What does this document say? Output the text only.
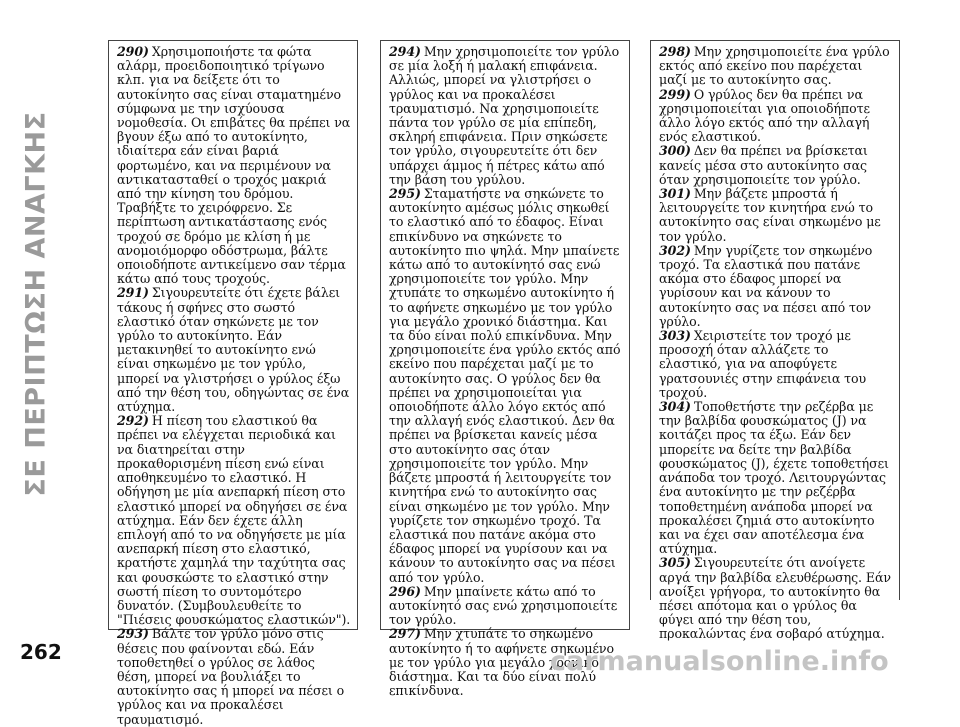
ΣΕ ΠΕΡΙΠΤΩΣΗ ΑΝΑΓΚΗΣ

290) Χρησιμοποιήστε τα φώτα αλάρμ, προειδοποιητικό τρίγωνο κλπ. για να δείξετε ότι το αυτοκίνητο σας είναι σταματημένο σύμφωνα με την ισχύουσα νομοθεσία. Οι επιβάτες θα πρέπει να βγουν έξω από το αυτοκίνητο, ιδιαίτερα εάν είναι βαριά φορτωμένο, και να περιμένουν να αντικατασταθεί ο τροχός μακριά από την κίνηση του δρόμου. Τραβήξτε το χειρόφρενο. Σε περίπτωση αντικατάστασης ενός τροχού σε δρόμο με κλίση ή με ανομοιόμορφο οδόστρωμα, βάλτε οποιοδήποτε αντικείμενο σαν τέρμα κάτω από τους τροχούς.

291) Σιγουρευτείτε ότι έχετε βάλει τάκους ή σφήνες στο σωστό ελαστικό όταν σηκώνετε με τον γρύλο το αυτοκίνητο. Εάν μετακινηθεί το αυτοκίνητο ενώ είναι σηκωμένο με τον γρύλο, μπορεί να γλιστρήσει ο γρύλος έξω από την θέση του, οδηγώντας σε ένα ατύχημα.

292) Η πίεση του ελαστικού θα πρέπει να ελέγχεται περιοδικά και να διατηρείται στην προκαθορισμένη πίεση ενώ είναι αποθηκευμένο το ελαστικό. Η οδήγηση με μία ανεπαρκή πίεση στο ελαστικό μπορεί να οδηγήσει σε ένα ατύχημα. Εάν δεν έχετε άλλη επιλογή από το να οδηγήσετε με μία ανεπαρκή πίεση στο ελαστικό, κρατήστε χαμηλά την ταχύτητα σας και φουσκώστε το ελαστικό στην σωστή πίεση το συντομότερο δυνατόν. (Συμβουλευθείτε το "Πιέσεις φουσκώματος ελαστικών").

293) Βάλτε τον γρύλο μόνο στις θέσεις που φαίνονται εδώ. Εάν τοποθετηθεί ο γρύλος σε λάθος θέση, μπορεί να βουλιάξει το αυτοκίνητο σας ή μπορεί να πέσει ο γρύλος και να προκαλέσει τραυματισμό.

294) Μην χρησιμοποιείτε τον γρύλο σε μία λοξή ή μαλακή επιφάνεια. Αλλιώς, μπορεί να γλιστρήσει ο γρύλος και να προκαλέσει τραυματισμό. Να χρησιμοποιείτε πάντα τον γρύλο σε μία επίπεδη, σκληρή επιφάνεια. Πριν σηκώσετε τον γρύλο, σιγουρευτείτε ότι δεν υπάρχει άμμος ή πέτρες κάτω από την βάση του γρύλου.

295) Σταματήστε να σηκώνετε το αυτοκίνητο αμέσως μόλις σηκωθεί το ελαστικό από το έδαφος. Είναι επικίνδυνο να σηκώνετε το αυτοκίνητο πιο ψηλά. Μην μπαίνετε κάτω από το αυτοκίνητό σας ενώ χρησιμοποιείτε τον γρύλο. Μην χτυπάτε το σηκωμένο αυτοκίνητο ή το αφήνετε σηκωμένο με τον γρύλο για μεγάλο χρονικό διάστημα. Και τα δύο είναι πολύ επικίνδυνα. Μην χρησιμοποιείτε ένα γρύλο εκτός από εκείνο που παρέχεται μαζί με το αυτοκίνητο σας. Ο γρύλος δεν θα πρέπει να χρησιμοποιείται για οποιοδήποτε άλλο λόγο εκτός από την αλλαγή ενός ελαστικού. Δεν θα πρέπει να βρίσκεται κανείς μέσα στο αυτοκίνητο σας όταν χρησιμοποιείτε τον γρύλο. Μην βάζετε μπροστά ή λειτουργείτε τον κινητήρα ενώ το αυτοκίνητο σας είναι σηκωμένο με τον γρύλο. Μην γυρίζετε τον σηκωμένο τροχό. Τα ελαστικά που πατάνε ακόμα στο έδαφος μπορεί να γυρίσουν και να κάνουν το αυτοκίνητο σας να πέσει από τον γρύλο.

296) Μην μπαίνετε κάτω από το αυτοκίνητό σας ενώ χρησιμοποιείτε τον γρύλο.

297) Μην χτυπάτε το σηκωμένο αυτοκίνητο ή το αφήνετε σηκωμένο με τον γρύλο για μεγάλο χρονικό διάστημα. Και τα δύο είναι πολύ επικίνδυνα.

298) Μην χρησιμοποιείτε ένα γρύλο εκτός από εκείνο που παρέχεται μαζί με το αυτοκίνητο σας.

299) Ο γρύλος δεν θα πρέπει να χρησιμοποιείται για οποιοδήποτε άλλο λόγο εκτός από την αλλαγή ενός ελαστικού.

300) Δεν θα πρέπει να βρίσκεται κανείς μέσα στο αυτοκίνητο σας όταν χρησιμοποιείτε τον γρύλο.

301) Μην βάζετε μπροστά ή λειτουργείτε τον κινητήρα ενώ το αυτοκίνητο σας είναι σηκωμένο με τον γρύλο.

302) Μην γυρίζετε τον σηκωμένο τροχό. Τα ελαστικά που πατάνε ακόμα στο έδαφος μπορεί να γυρίσουν και να κάνουν το αυτοκίνητο σας να πέσει από τον γρύλο.

303) Χειριστείτε τον τροχό με προσοχή όταν αλλάζετε το ελαστικό, για να αποφύγετε γρατσουνιές στην επιφάνεια του τροχού.

304) Τοποθετήστε την ρεζέρβα με την βαλβίδα φουσκώματος (J) να κοιτάζει προς τα έξω. Εάν δεν μπορείτε να δείτε την βαλβίδα φουσκώματος (J), έχετε τοποθετήσει ανάποδα τον τροχό. Λειτουργώντας ένα αυτοκίνητο με την ρεζέρβα τοποθετημένη ανάποδα μπορεί να προκαλέσει ζημιά στο αυτοκίνητο και να έχει σαν αποτέλεσμα ένα ατύχημα.

305) Σιγουρευτείτε ότι ανοίγετε αργά την βαλβίδα ελευθέρωσης. Εάν ανοίξει γρήγορα, το αυτοκίνητο θα πέσει απότομα και ο γρύλος θα φύγει από την θέση του, προκαλώντας ένα σοβαρό ατύχημα.

262	carmanualsonline.info
